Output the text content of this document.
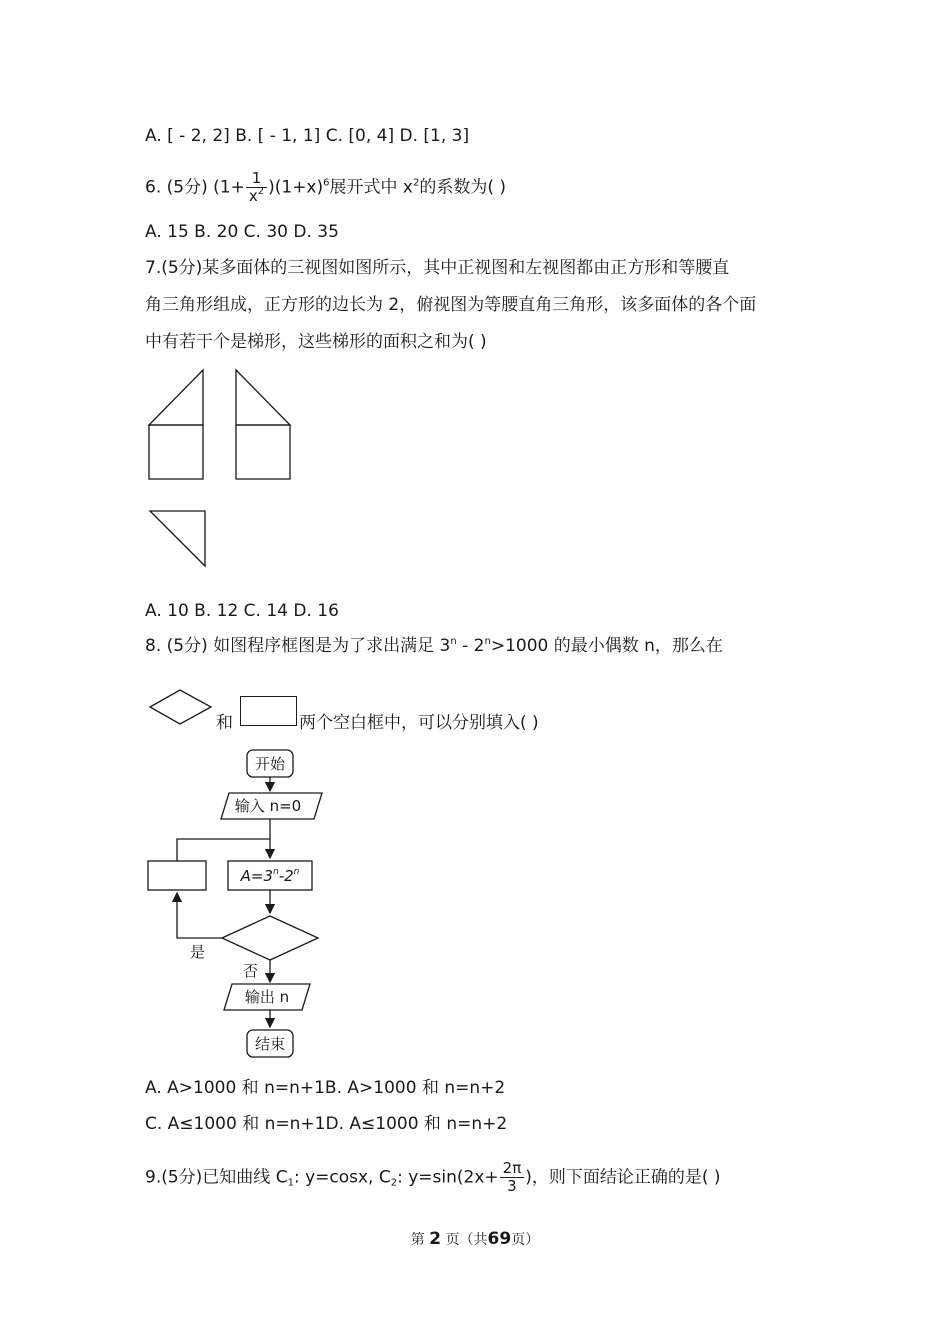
A. [ - 2, 2] B. [ - 1, 1] C. [0, 4] D. [1, 3]
6. (5分) $(1+ \frac{1}{x^2} )(1+x)^6$展开式中 $x^2$的系数为( )
A. 15 B. 20 C. 30 D. 35
7.(5分)某多面体的三视图如图所示，其中正视图和左视图都由正方形和等腰直
角三角形组成，正方形的边长为 2，俯视图为等腰直角三角形，该多面体的各个面
中有若干个是梯形，这些梯形的面积之和为( )
A. 10 B. 12 C. 14 D. 16
8. (5分) 如图程序框图是为了求出满足 $3^n - 2^n>1000$ 的最小偶数 n，那么在
和	两个空白框中，可以分别填入( )
开始
输入 n=0
$A=3^n-2^n$
是
否
输出 n
结束
A. A>1000 和 n=n+1B. A>1000 和 n=n+2
C. A≤1000 和 n=n+1D. A≤1000 和 n=n+2
9.(5分)已知曲线 $C_1$: y=cosx, $C_2$: $y=\sin(2x+ \frac{2\pi}{3}$ )，则下面结论正确的是( )
第 2 页（共69页）
